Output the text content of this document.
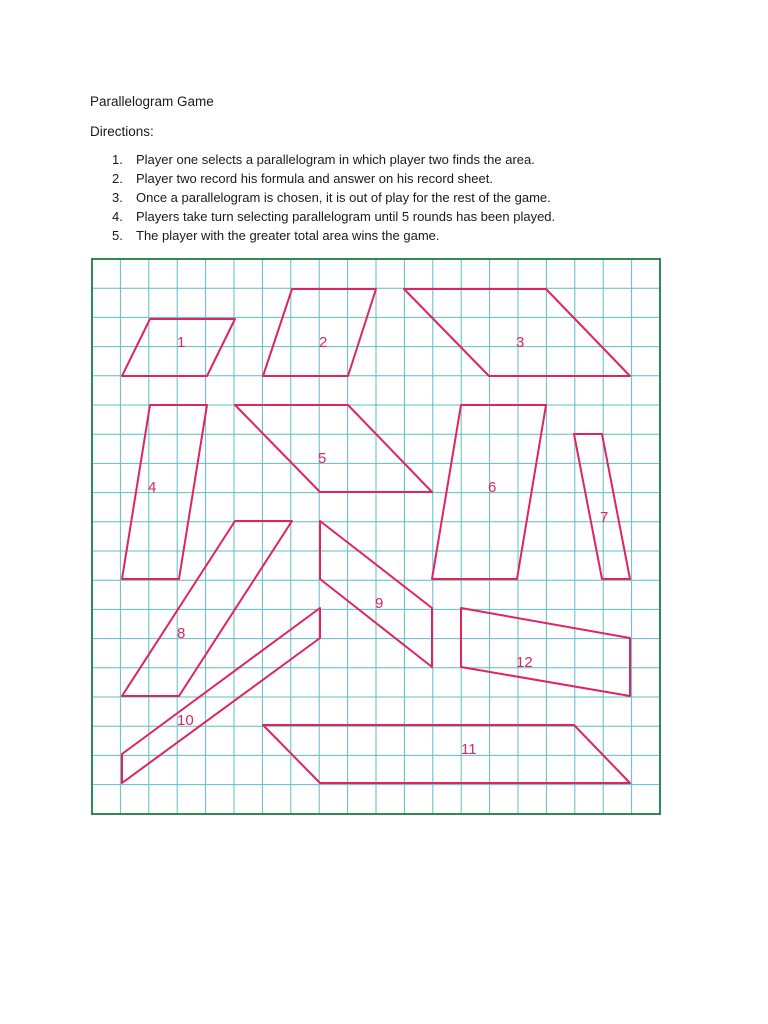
Parallelogram Game
Directions:
1.	Player one selects a parallelogram in which player two finds the area.
2.	Player two record his formula and answer on his record sheet.
3.	Once a parallelogram is chosen, it is out of play for the rest of the game.
4.	Players take turn selecting parallelogram until 5 rounds has been played.
5.	The player with the greater total area wins the game.
1	2	3
4
5
6
7
8
9
10
11
12
